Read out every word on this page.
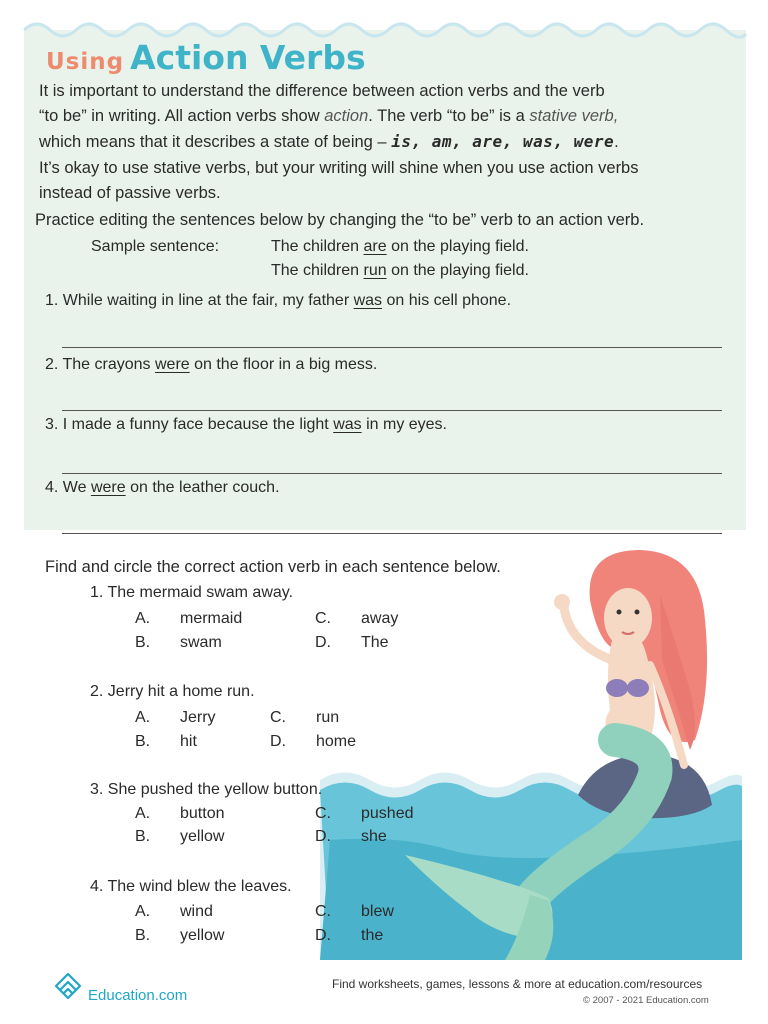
Using Action Verbs
It is important to understand the difference between action verbs and the verb
“to be” in writing. All action verbs show action. The verb “to be” is a stative verb,
which means that it describes a state of being – is, am, are, was, were.
It’s okay to use stative verbs, but your writing will shine when you use action verbs
instead of passive verbs.
Practice editing the sentences below by changing the “to be” verb to an action verb.
Sample sentence:	The children are on the playing field.
The children run on the playing field.
1. While waiting in line at the fair, my father was on his cell phone.
2. The crayons were on the floor in a big mess.
3. I made a funny face because the light was in my eyes.
4. We were on the leather couch.
Find and circle the correct action verb in each sentence below.
1. The mermaid swam away.
A. mermaid	C. away
B. swam	D. The
2. Jerry hit a home run.
A. Jerry	C. run
B. hit	D. home
3. She pushed the yellow button.
A. button	C. pushed
B. yellow	D. she
4. The wind blew the leaves.
A. wind	C. blew
B. yellow	D. the
Education.com
Find worksheets, games, lessons & more at education.com/resources
© 2007 - 2021 Education.com
